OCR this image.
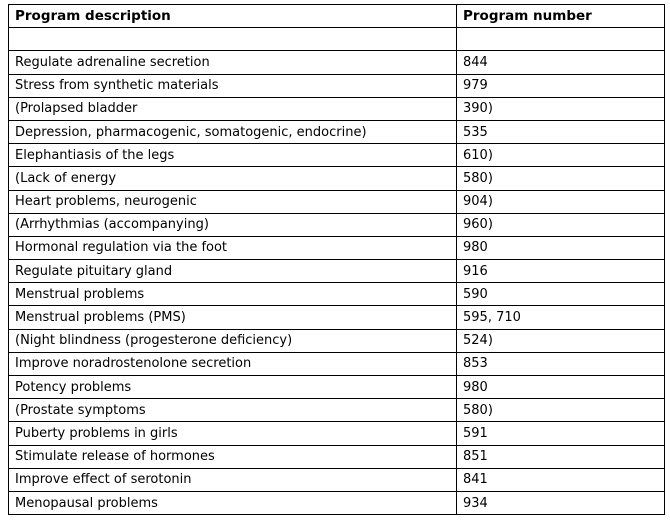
Program description	Program number

Regulate adrenaline secretion	844
Stress from synthetic materials	979
(Prolapsed bladder	390)
Depression, pharmacogenic, somatogenic, endocrine)	535
Elephantiasis of the legs	610)
(Lack of energy	580)
Heart problems, neurogenic	904)
(Arrhythmias (accompanying)	960)
Hormonal regulation via the foot	980
Regulate pituitary gland	916
Menstrual problems	590
Menstrual problems (PMS)	595, 710
(Night blindness (progesterone deficiency)	524)
Improve noradrostenolone secretion	853
Potency problems	980
(Prostate symptoms	580)
Puberty problems in girls	591
Stimulate release of hormones	851
Improve effect of serotonin	841
Menopausal problems	934
